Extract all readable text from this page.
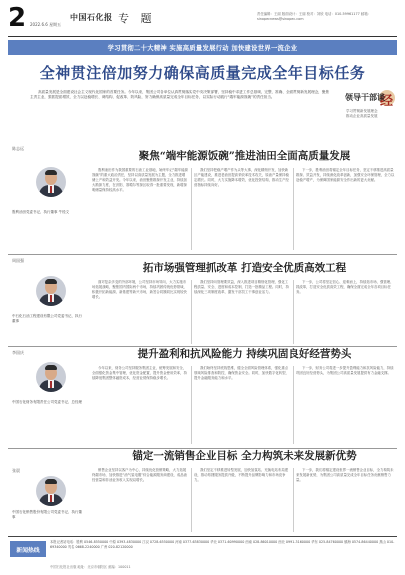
2 2022.6.6 星期五
中国石化报 专 题	责任编辑：王丽 版面设计：王丽 校对：刘欣 电话：010-59961177 邮箱：sinopecnews@sinopec.com
学习贯彻二十大精神 实施高质量发展行动 加快建设世界一流企业
全神贯注倍加努力确保高质量完成全年目标任务
高质量发展是全面建设社会主义现代化国家的首要任务。今年以来，集团公司各单位认真贯彻落实党中央决策部署，坚持稳中求进工作总基调，完整、准确、全面贯彻新发展理念，聚焦主责主业，狠抓提质增效，全力以赴稳增长、调结构、促改革、防风险，努力确保高质量完成全年目标任务，以实际行动践行“端牢能源饭碗”的责任担当。	经
领导干部谈
学习贯彻新发展理念
推动企业高质量发展
聚焦“端牢能源饭碗”推进油田全面高质量发展
陈志远
胜利油田党委书记、执行董事 牛栓文
胜利油田作为我国重要的石油工业基地，始终牢记“端牢能源饭碗”的重大政治责任，坚持以高质量发展为主题，全力推进增储上产和效益开发。今年以来，油田聚焦勘探开发主业，持续加大勘探力度，在济阳、准噶尔等探区取得一批重要发现，新增探明储量保持较高水平。
我们坚持把稳产增产作为头等大事，深化精细开发，加快新区产能建设，推进老油田提高采收率技术攻关，原油产量保持稳定增长。同时，大力实施降本增效，优化投资结构，推动生产经营指标持续向好。
下一步，胜利油田将锚定全年目标任务，坚定不移推进高质量勘探、效益开发，持续深化改革创新，加强安全环保管理，全力以赴稳产增产，为保障国家能源安全作出新的更大贡献。
拓市场强管理抓改革 打造安全优质高效工程
周国强
中石化石油工程建设有限公司党委书记、执行董事
面对复杂多变的外部环境，公司坚持市场导向，大力实施市场拓展战略，聚焦国内国际两个市场，持续巩固传统优势领域，积极开拓新能源、新基建等新兴市场，新签合同额同比实现较快增长。
我们坚持向管理要效益，深入推进项目精细化管理，强化工程质量、安全、进度和成本控制，打造一批精品工程。同时，持续深化三项制度改革，激发干部员工干事创业活力。
下一步，公司将坚定信心、迎难而上，持续拓市场、强管理、抓改革，打造安全优质高效工程，确保全面完成全年各项目标任务。
提升盈利和抗风险能力 持续巩固良好经营势头
李国庆
中国石化财务有限责任公司党委书记、总经理
今年以来，财务公司坚持服务集团主业，统筹发展和安全，全面强化资金集中管理，优化资金配置，提升资金使用效率，持续降低集团整体融资成本，经营业绩保持稳步增长。
我们始终坚持底线思维，健全全面风险管理体系，强化重点领域风险排查和防控，确保资金安全。同时，加快数字化转型，提升金融服务能力和水平。
下一步，财务公司将进一步提升盈利能力和抗风险能力，持续巩固良好经营势头，为集团公司高质量发展提供有力金融支撑。
锚定一流销售企业目标 全力构筑未来发展新优势
张晨
中国石化销售股份有限公司党委书记、执行董事
销售企业坚持以客户为中心，持续优化营销策略，大力拓展终端市场，加快推进“油气氢电服”综合能源服务商建设，成品油经营量和非油业务收入实现双增长。
我们坚定不移推进转型发展，加快加氢站、充换电站布局建设，推动易捷服务提质升级，不断提升品牌影响力和市场竞争力。
下一步，我们将锚定建设世界一流销售企业目标，全力构筑未来发展新优势，为集团公司高质量完成全年目标任务贡献销售力量。
新闻热线
本报记者站电话：胜利 0546-8550000 中原 0393-4830000 江汉 0728-6550000 河南 0377-63830000 华北 0371-60990000 西南 028-86010000 西北 0991-3160000 华东 025-84760000 镇海 0574-86440000 燕山 010-69340000 茂名 0668-2240000 广州 020-82120000
中国石化报社出版 地址：北京市朝阳区 邮编：100011
